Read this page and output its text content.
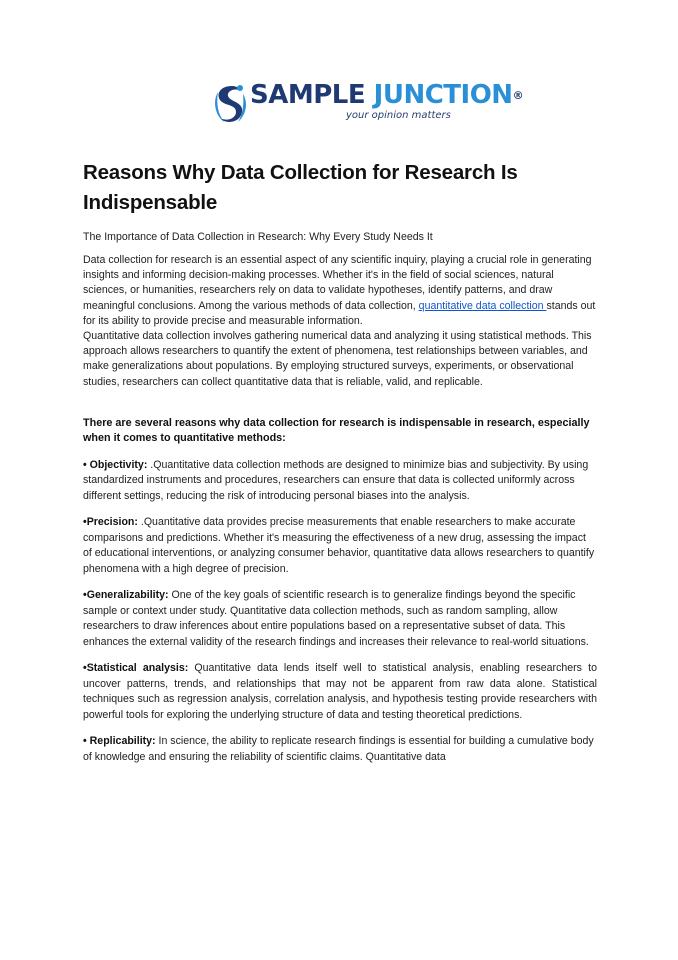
SAMPLE JUNCTION®
your opinion matters
Reasons Why Data Collection for Research Is Indispensable

The Importance of Data Collection in Research: Why Every Study Needs It

Data collection for research is an essential aspect of any scientific inquiry, playing a crucial role in generating insights and informing decision-making processes. Whether it's in the field of social sciences, natural sciences, or humanities, researchers rely on data to validate hypotheses, identify patterns, and draw meaningful conclusions. Among the various methods of data collection, quantitative data collection stands out for its ability to provide precise and measurable information.

Quantitative data collection involves gathering numerical data and analyzing it using statistical methods. This approach allows researchers to quantify the extent of phenomena, test relationships between variables, and make generalizations about populations. By employing structured surveys, experiments, or observational studies, researchers can collect quantitative data that is reliable, valid, and replicable.

There are several reasons why data collection for research is indispensable in research, especially when it comes to quantitative methods:

• Objectivity: .Quantitative data collection methods are designed to minimize bias and subjectivity. By using standardized instruments and procedures, researchers can ensure that data is collected uniformly across different settings, reducing the risk of introducing personal biases into the analysis.

•Precision: .Quantitative data provides precise measurements that enable researchers to make accurate comparisons and predictions. Whether it's measuring the effectiveness of a new drug, assessing the impact of educational interventions, or analyzing consumer behavior, quantitative data allows researchers to quantify phenomena with a high degree of precision.

•Generalizability: One of the key goals of scientific research is to generalize findings beyond the specific sample or context under study. Quantitative data collection methods, such as random sampling, allow researchers to draw inferences about entire populations based on a representative subset of data. This enhances the external validity of the research findings and increases their relevance to real-world situations.

•Statistical analysis: Quantitative data lends itself well to statistical analysis, enabling researchers to uncover patterns, trends, and relationships that may not be apparent from raw data alone. Statistical techniques such as regression analysis, correlation analysis, and hypothesis testing provide researchers with powerful tools for exploring the underlying structure of data and testing theoretical predictions.

• Replicability: In science, the ability to replicate research findings is essential for building a cumulative body of knowledge and ensuring the reliability of scientific claims. Quantitative data
